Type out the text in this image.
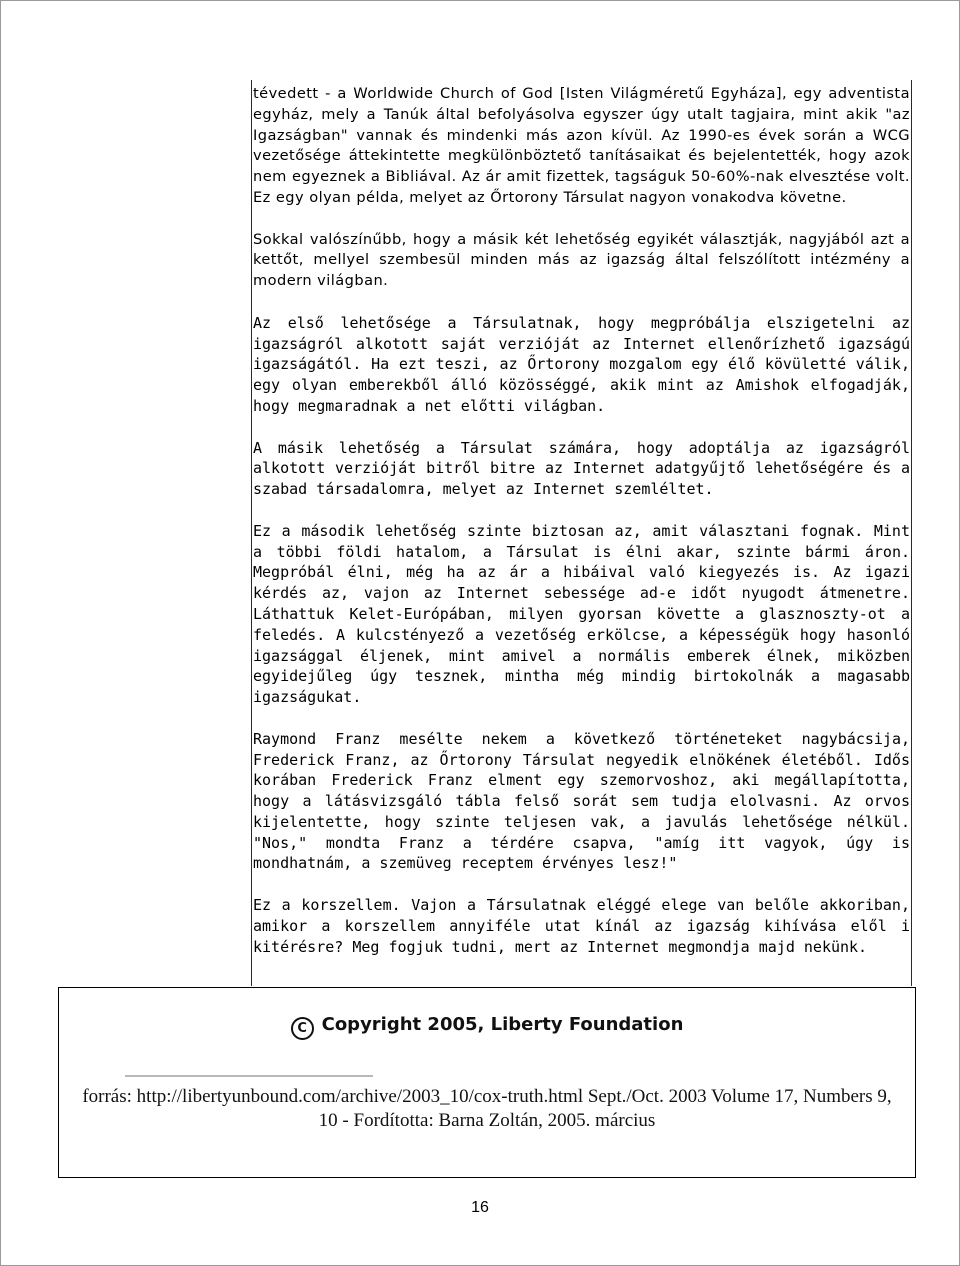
tévedett - a Worldwide Church of God [Isten Világméretű Egyháza], egy adventista egyház, mely a Tanúk által befolyásolva egyszer úgy utalt tagjaira, mint akik "az Igazságban" vannak és mindenki más azon kívül. Az 1990-es évek során a WCG vezetősége áttekintette megkülönböztető tanításaikat és bejelentették, hogy azok nem egyeznek a Bibliával. Az ár amit fizettek, tagságuk 50-60%-nak elvesztése volt. Ez egy olyan példa, melyet az Őrtorony Társulat nagyon vonakodva követne.

Sokkal valószínűbb, hogy a másik két lehetőség egyikét választják, nagyjából azt a kettőt, mellyel szembesül minden más az igazság által felszólított intézmény a modern világban.

Az első lehetősége a Társulatnak, hogy megpróbálja elszigetelni az igazságról alkotott saját verzióját az Internet ellenőrízhető igazságú igazságától. Ha ezt teszi, az Őrtorony mozgalom egy élő kövületté válik, egy olyan emberekből álló közösséggé, akik mint az Amishok elfogadják, hogy megmaradnak a net előtti világban.

A másik lehetőség a Társulat számára, hogy adoptálja az igazságról alkotott verzióját bitről bitre az Internet adatgyűjtő lehetőségére és a szabad társadalomra, melyet az Internet szemléltet.

Ez a második lehetőség szinte biztosan az, amit választani fognak. Mint a többi földi hatalom, a Társulat is élni akar, szinte bármi áron. Megpróbál élni, még ha az ár a hibáival való kiegyezés is. Az igazi kérdés az, vajon az Internet sebessége ad-e időt nyugodt átmenetre. Láthattuk Kelet-Európában, milyen gyorsan követte a glasznoszty-ot a feledés. A kulcstényező a vezetőség erkölcse, a képességük hogy hasonló igazsággal éljenek, mint amivel a normális emberek élnek, miközben egyidejűleg úgy tesznek, mintha még mindig birtokolnák a magasabb igazságukat.

Raymond Franz mesélte nekem a következő történeteket nagybácsija, Frederick Franz, az Őrtorony Társulat negyedik elnökének életéből. Idős korában Frederick Franz elment egy szemorvoshoz, aki megállapította, hogy a látásvizsgáló tábla felső sorát sem tudja elolvasni. Az orvos kijelentette, hogy szinte teljesen vak, a javulás lehetősége nélkül. "Nos," mondta Franz a térdére csapva, "amíg itt vagyok, úgy is mondhatnám, a szemüveg receptem érvényes lesz!"

Ez a korszellem. Vajon a Társulatnak eléggé elege van belőle akkoriban, amikor a korszellem annyiféle utat kínál az igazság kihívása elől i kitérésre? Meg fogjuk tudni, mert az Internet megmondja majd nekünk.

C Copyright 2005, Liberty Foundation
forrás: http://libertyunbound.com/archive/2003_10/cox-truth.html Sept./Oct. 2003 Volume 17, Numbers 9, 10 - Fordította: Barna Zoltán, 2005. március
16
